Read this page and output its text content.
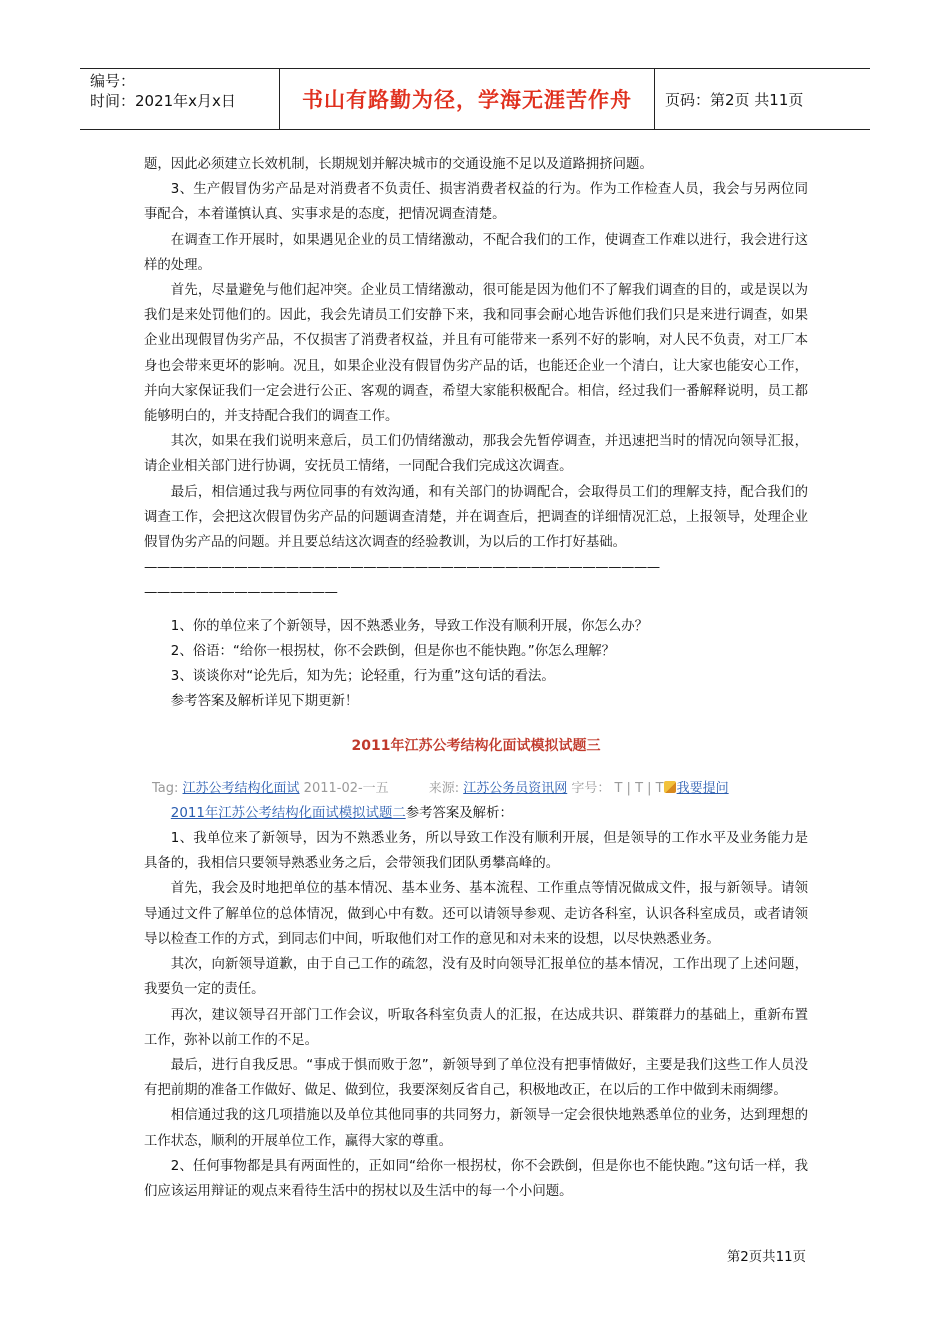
编号：
时间：2021年x月x日	书山有路勤为径，学海无涯苦作舟	页码：第2页 共11页

题，因此必须建立长效机制，长期规划并解决城市的交通设施不足以及道路拥挤问题。

3、生产假冒伪劣产品是对消费者不负责任、损害消费者权益的行为。作为工作检查人员，我会与另两位同事配合，本着谨慎认真、实事求是的态度，把情况调查清楚。

在调查工作开展时，如果遇见企业的员工情绪激动，不配合我们的工作，使调查工作难以进行，我会进行这样的处理。

首先，尽量避免与他们起冲突。企业员工情绪激动，很可能是因为他们不了解我们调查的目的，或是误以为我们是来处罚他们的。因此，我会先请员工们安静下来，我和同事会耐心地告诉他们我们只是来进行调查，如果企业出现假冒伪劣产品，不仅损害了消费者权益，并且有可能带来一系列不好的影响，对人民不负责，对工厂本身也会带来更坏的影响。况且，如果企业没有假冒伪劣产品的话，也能还企业一个清白，让大家也能安心工作，并向大家保证我们一定会进行公正、客观的调查，希望大家能积极配合。相信，经过我们一番解释说明，员工都能够明白的，并支持配合我们的调查工作。

其次，如果在我们说明来意后，员工们仍情绪激动，那我会先暂停调查，并迅速把当时的情况向领导汇报，请企业相关部门进行协调，安抚员工情绪，一同配合我们完成这次调查。

最后，相信通过我与两位同事的有效沟通，和有关部门的协调配合，会取得员工们的理解支持，配合我们的调查工作，会把这次假冒伪劣产品的问题调查清楚，并在调查后，把调查的详细情况汇总，上报领导，处理企业假冒伪劣产品的问题。并且要总结这次调查的经验教训，为以后的工作打好基础。

————————————————————————————————————————

———————————————

1、你的单位来了个新领导，因不熟悉业务，导致工作没有顺利开展，你怎么办？

2、俗语：“给你一根拐杖，你不会跌倒，但是你也不能快跑。”你怎么理解？

3、谈谈你对“论先后，知为先；论轻重，行为重”这句话的看法。

参考答案及解析详见下期更新！

2011年江苏公考结构化面试模拟试题三

Tag: 江苏公考结构化面试 2011-02-一五	来源: 江苏公务员资讯网 字号： T | T | T 我要提问

2011年江苏公考结构化面试模拟试题二参考答案及解析：

1、我单位来了新领导，因为不熟悉业务，所以导致工作没有顺利开展，但是领导的工作水平及业务能力是具备的，我相信只要领导熟悉业务之后，会带领我们团队勇攀高峰的。

首先，我会及时地把单位的基本情况、基本业务、基本流程、工作重点等情况做成文件，报与新领导。请领导通过文件了解单位的总体情况，做到心中有数。还可以请领导参观、走访各科室，认识各科室成员，或者请领导以检查工作的方式，到同志们中间，听取他们对工作的意见和对未来的设想，以尽快熟悉业务。

其次，向新领导道歉，由于自己工作的疏忽，没有及时向领导汇报单位的基本情况，工作出现了上述问题，我要负一定的责任。

再次，建议领导召开部门工作会议，听取各科室负责人的汇报，在达成共识、群策群力的基础上，重新布置工作，弥补以前工作的不足。

最后，进行自我反思。“事成于惧而败于忽”，新领导到了单位没有把事情做好，主要是我们这些工作人员没有把前期的准备工作做好、做足、做到位，我要深刻反省自己，积极地改正，在以后的工作中做到未雨绸缪。

相信通过我的这几项措施以及单位其他同事的共同努力，新领导一定会很快地熟悉单位的业务，达到理想的工作状态，顺利的开展单位工作，赢得大家的尊重。

2、任何事物都是具有两面性的，正如同“给你一根拐杖，你不会跌倒，但是你也不能快跑。”这句话一样，我们应该运用辩证的观点来看待生活中的拐杖以及生活中的每一个小问题。

第2页共11页
